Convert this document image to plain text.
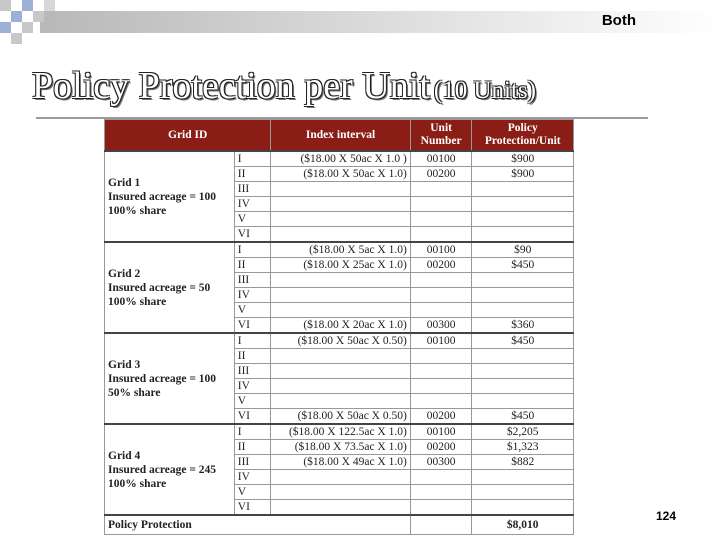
Both
Policy Protection per Unit (10 Units)
Grid ID		Index interval	Unit Number	Policy Protection/Unit

Grid 1
Insured acreage = 100
100% share	I	($18.00 X 50ac X 1.0 )	00100	$900
	II	($18.00 X 50ac X 1.0)	00200	$900
	III			
	IV			
	V			
	VI			

Grid 2
Insured acreage = 50
100% share	I	($18.00 X 5ac X 1.0)	00100	$90
	II	($18.00 X 25ac X 1.0)	00200	$450
	III			
	IV			
	V			
	VI	($18.00 X 20ac X 1.0)	00300	$360

Grid 3
Insured acreage = 100
50% share	I	($18.00 X 50ac X 0.50)	00100	$450
	II			
	III			
	IV			
	V			
	VI	($18.00 X 50ac X 0.50)	00200	$450

Grid 4
Insured acreage = 245
100% share	I	($18.00 X 122.5ac X 1.0)	00100	$2,205
	II	($18.00 X 73.5ac X 1.0)	00200	$1,323
	III	($18.00 X 49ac X 1.0)	00300	$882
	IV			
	V			
	VI			
Policy Protection				$8,010
124
